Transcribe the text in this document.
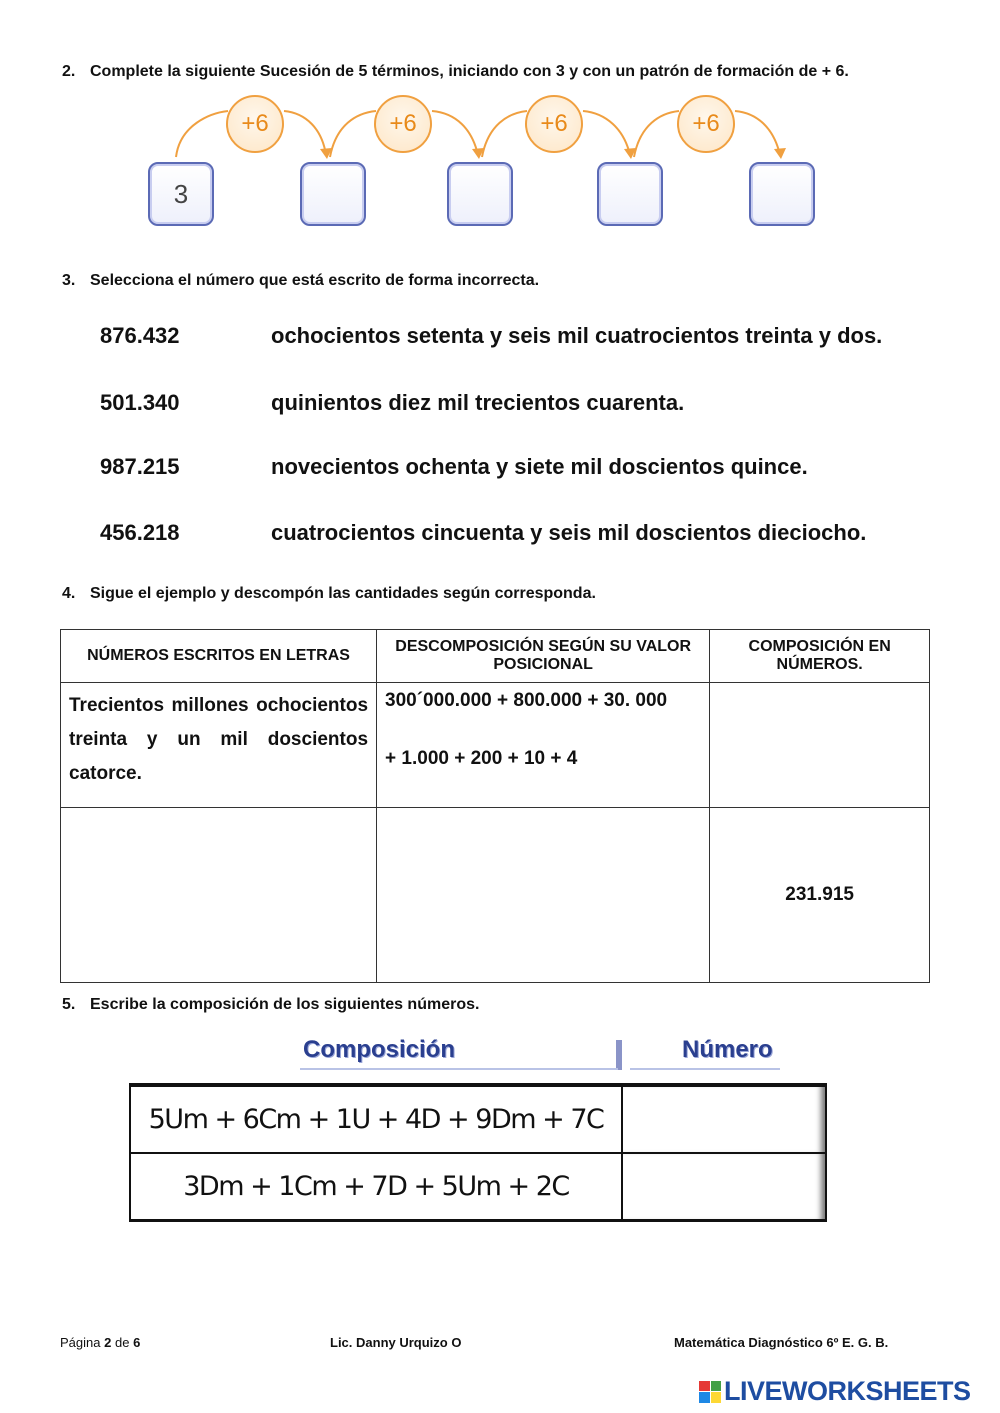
2. Complete la siguiente Sucesión de 5 términos, iniciando con 3 y con un patrón de formación de + 6.
+6	+6	+6	+6
3
3. Selecciona el número que está escrito de forma incorrecta.
876.432	ochocientos setenta y seis mil cuatrocientos treinta y dos.
501.340	quinientos diez mil trecientos cuarenta.
987.215	novecientos ochenta y siete mil doscientos quince.
456.218	cuatrocientos cincuenta y seis mil doscientos dieciocho.
4. Sigue el ejemplo y descompón las cantidades según corresponda.
NÚMEROS ESCRITOS EN LETRAS	DESCOMPOSICIÓN SEGÚN SU VALOR POSICIONAL	COMPOSICIÓN EN NÚMEROS.
Trecientos millones ochocientos treinta y un mil doscientos catorce.	300´000.000 + 800.000 + 30. 000
+ 1.000 + 200 + 10 + 4	

		231.915
5. Escribe la composición de los siguientes números.
Composición	Número
5Um + 6Cm + 1U + 4D + 9Dm + 7C	
3Dm + 1Cm + 7D + 5Um + 2C	
Página 2 de 6	Lic. Danny Urquizo O	Matemática Diagnóstico 6º E. G. B.
LIVEWORKSHEETS
